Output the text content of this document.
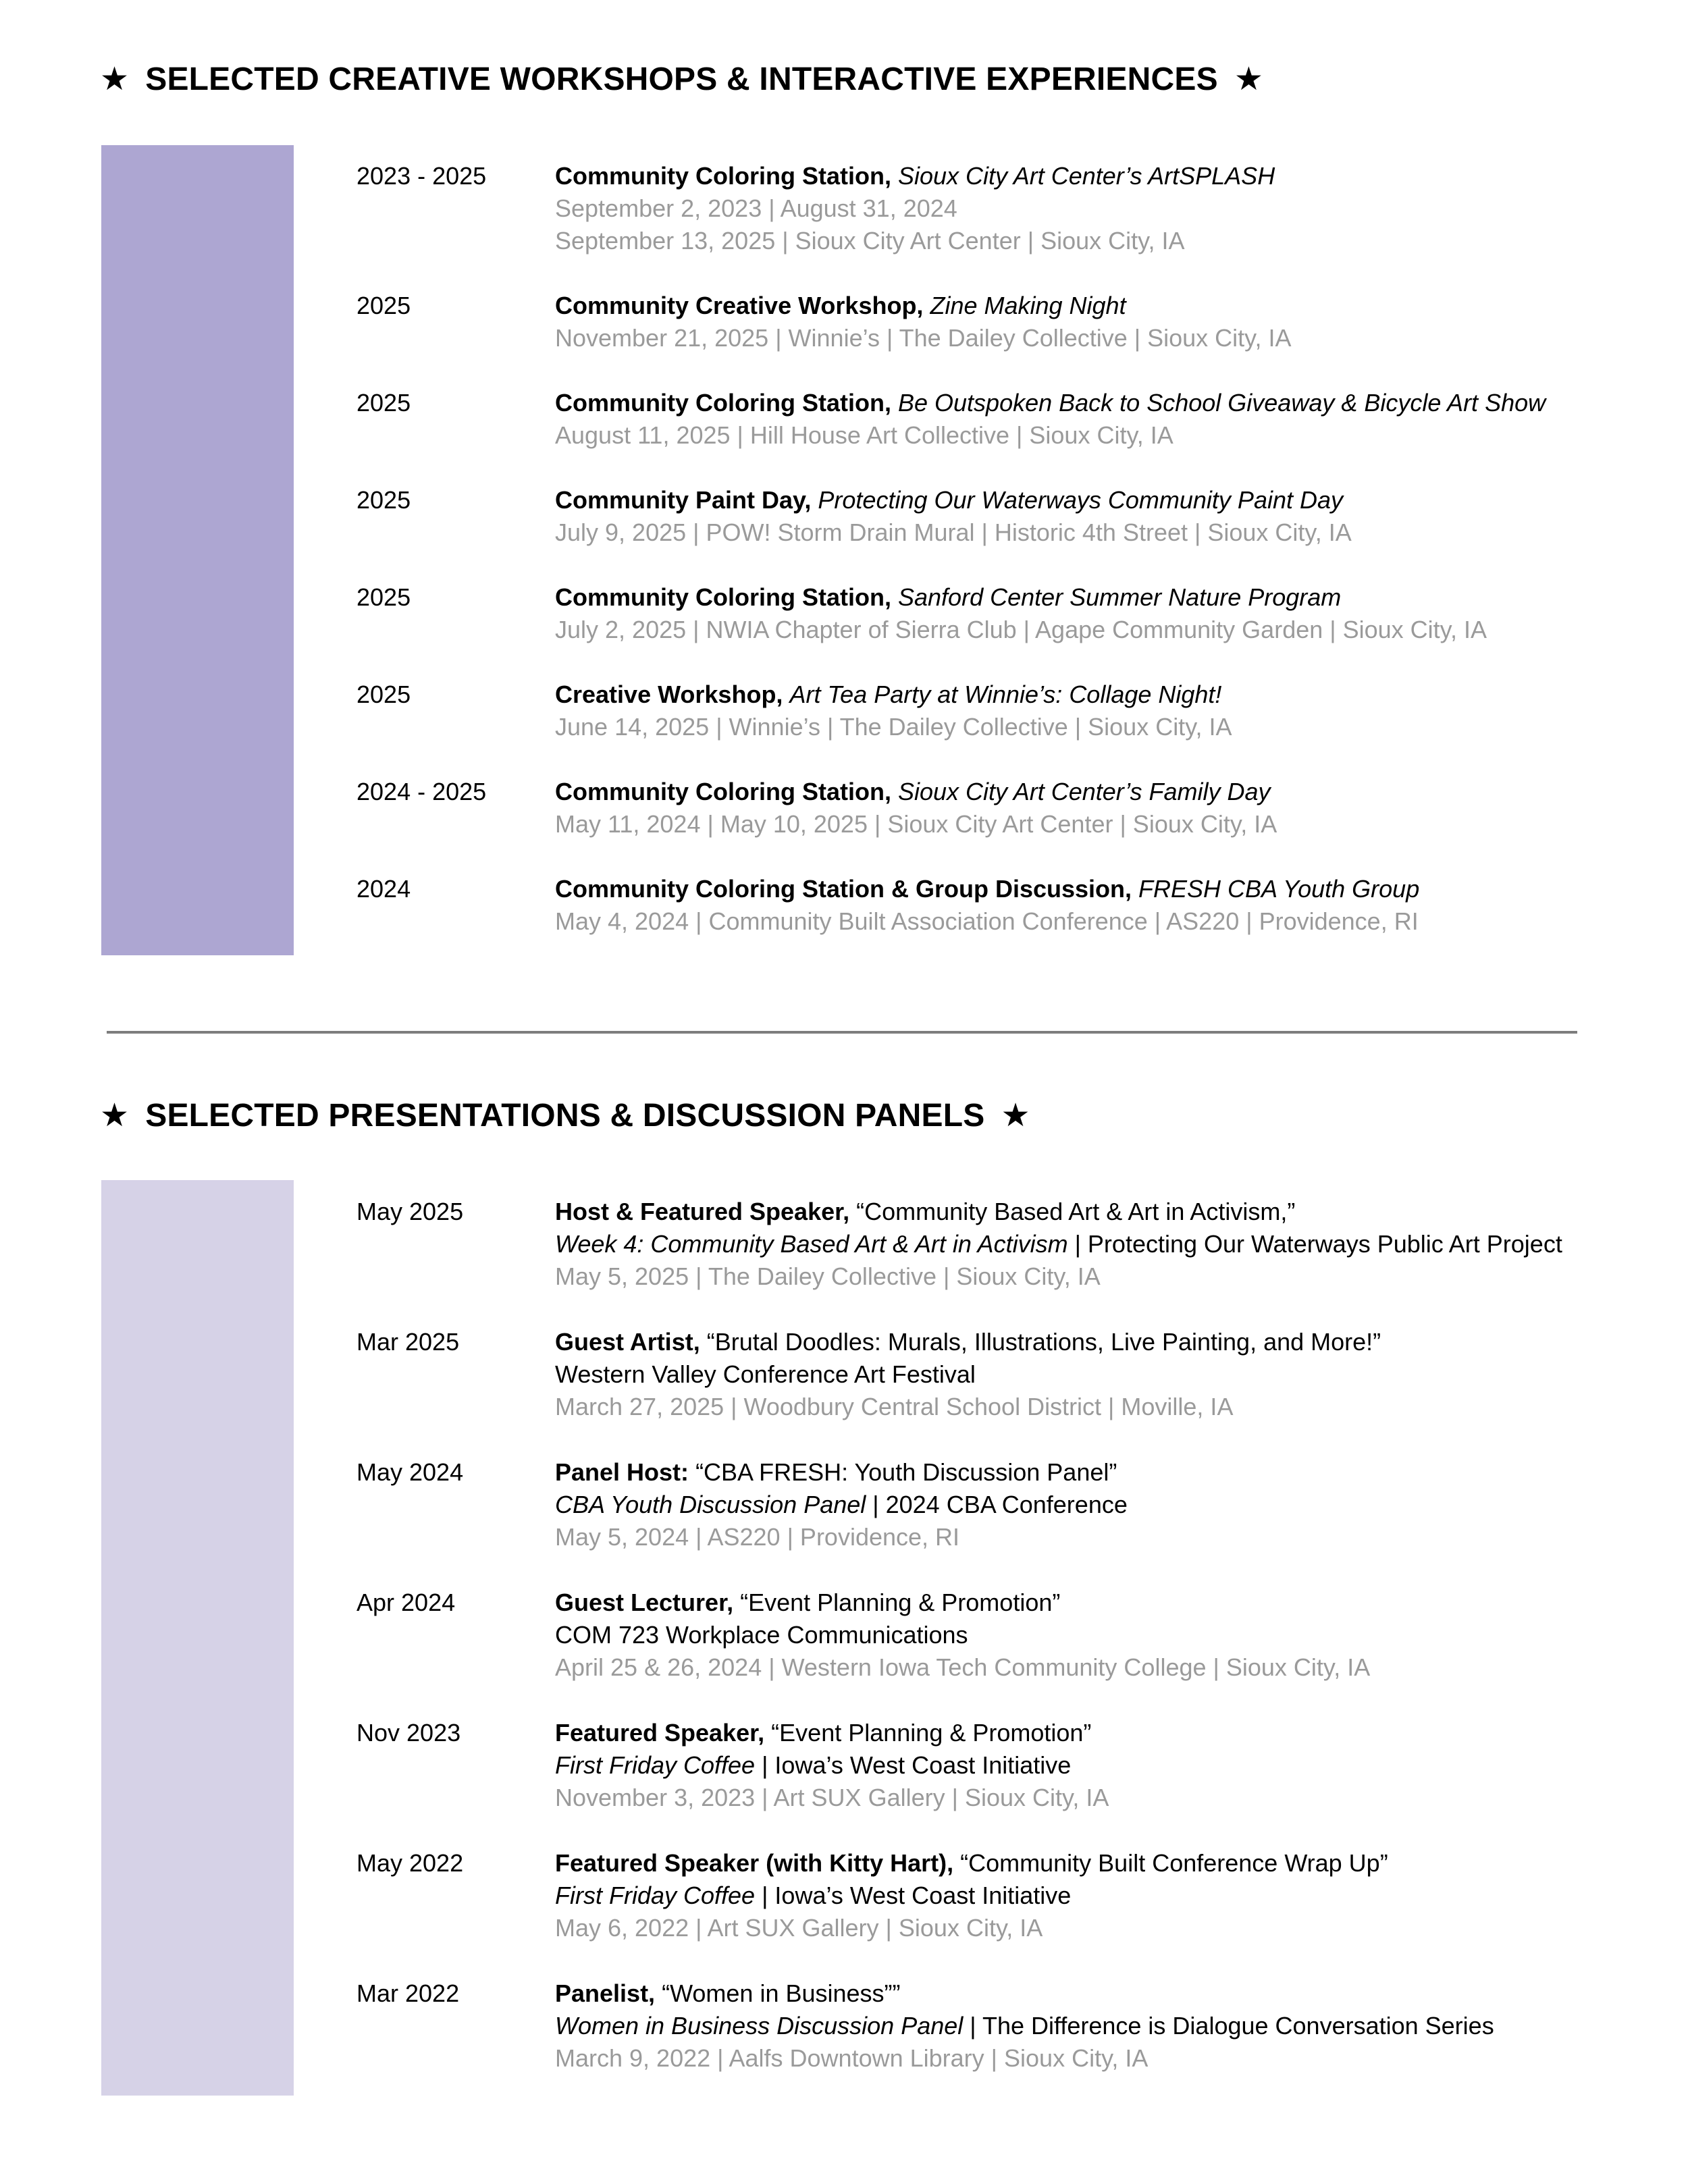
★ SELECTED CREATIVE WORKSHOPS & INTERACTIVE EXPERIENCES ★
2023 - 2025	Community Coloring Station, Sioux City Art Center’s ArtSPLASH
September 2, 2023 | August 31, 2024
September 13, 2025 | Sioux City Art Center | Sioux City, IA
2025	Community Creative Workshop, Zine Making Night
November 21, 2025 | Winnie’s | The Dailey Collective | Sioux City, IA
2025	Community Coloring Station, Be Outspoken Back to School Giveaway & Bicycle Art Show
August 11, 2025 | Hill House Art Collective | Sioux City, IA
2025	Community Paint Day, Protecting Our Waterways Community Paint Day
July 9, 2025 | POW! Storm Drain Mural | Historic 4th Street | Sioux City, IA
2025	Community Coloring Station, Sanford Center Summer Nature Program
July 2, 2025 | NWIA Chapter of Sierra Club | Agape Community Garden | Sioux City, IA
2025	Creative Workshop, Art Tea Party at Winnie’s: Collage Night!
June 14, 2025 | Winnie’s | The Dailey Collective | Sioux City, IA
2024 - 2025	Community Coloring Station, Sioux City Art Center’s Family Day
May 11, 2024 | May 10, 2025 | Sioux City Art Center | Sioux City, IA
2024	Community Coloring Station & Group Discussion, FRESH CBA Youth Group
May 4, 2024 | Community Built Association Conference | AS220 | Providence, RI
★ SELECTED PRESENTATIONS & DISCUSSION PANELS ★
May 2025	Host & Featured Speaker, “Community Based Art & Art in Activism,”
Week 4: Community Based Art & Art in Activism | Protecting Our Waterways Public Art Project
May 5, 2025 | The Dailey Collective | Sioux City, IA
Mar 2025	Guest Artist, “Brutal Doodles: Murals, Illustrations, Live Painting, and More!”
Western Valley Conference Art Festival
March 27, 2025 | Woodbury Central School District | Moville, IA
May 2024	Panel Host: “CBA FRESH: Youth Discussion Panel”
CBA Youth Discussion Panel | 2024 CBA Conference
May 5, 2024 | AS220 | Providence, RI
Apr 2024	Guest Lecturer, “Event Planning & Promotion”
COM 723 Workplace Communications
April 25 & 26, 2024 | Western Iowa Tech Community College | Sioux City, IA
Nov 2023	Featured Speaker, “Event Planning & Promotion”
First Friday Coffee | Iowa’s West Coast Initiative
November 3, 2023 | Art SUX Gallery | Sioux City, IA
May 2022	Featured Speaker (with Kitty Hart), “Community Built Conference Wrap Up”
First Friday Coffee | Iowa’s West Coast Initiative
May 6, 2022 | Art SUX Gallery | Sioux City, IA
Mar 2022	Panelist, “Women in Business””
Women in Business Discussion Panel | The Difference is Dialogue Conversation Series
March 9, 2022 | Aalfs Downtown Library | Sioux City, IA
